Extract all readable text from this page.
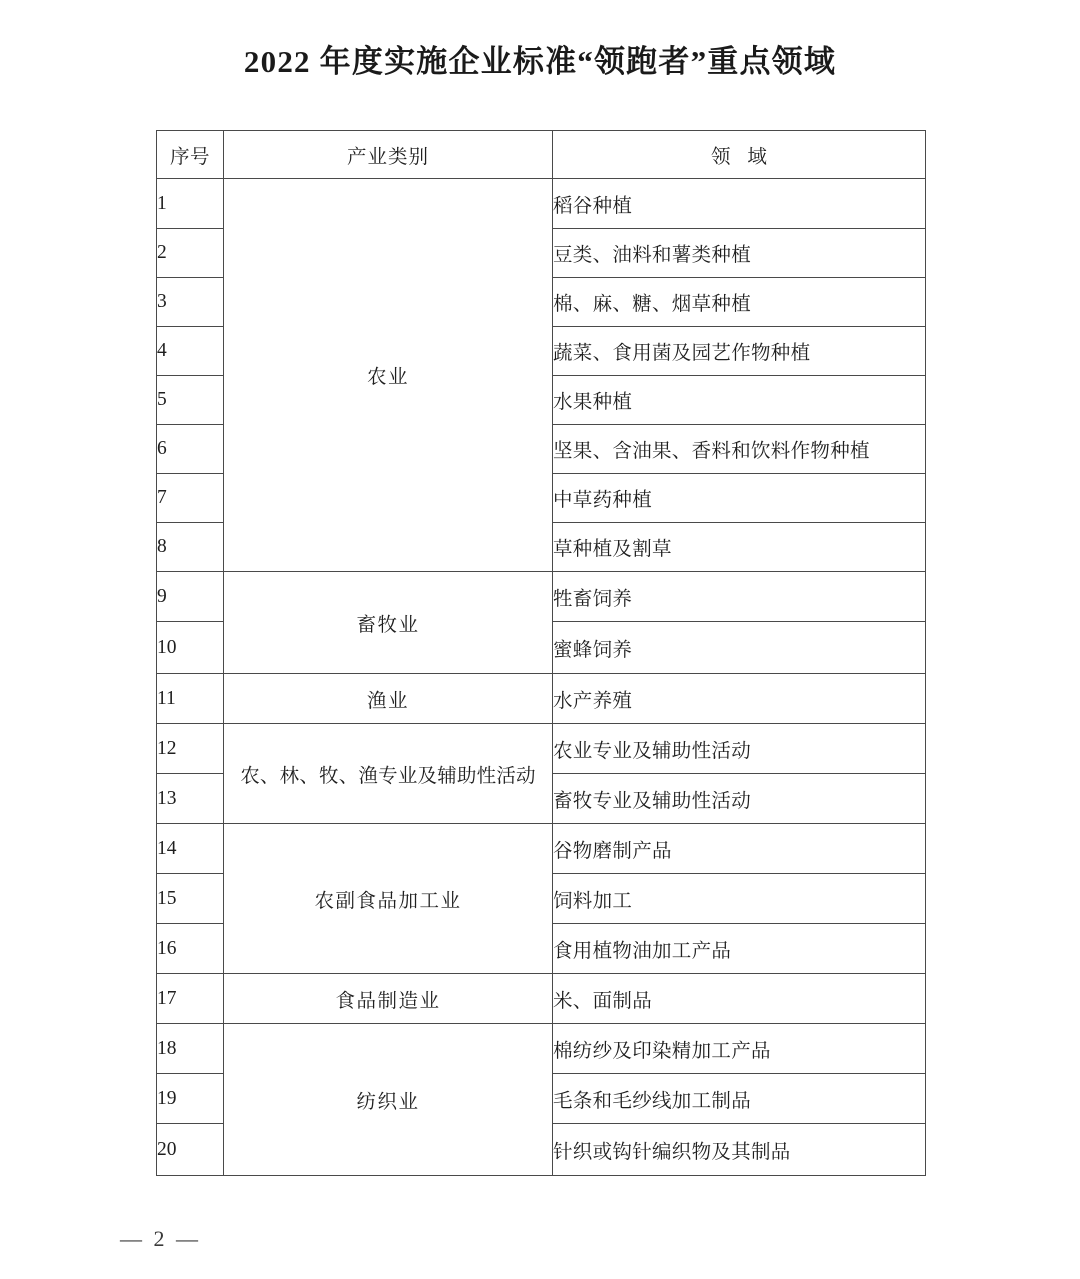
2022 年度实施企业标准“领跑者”重点领域
序号	产业类别	领 域
1	农业	稻谷种植
2		豆类、油料和薯类种植
3		棉、麻、糖、烟草种植
4		蔬菜、食用菌及园艺作物种植
5		水果种植
6		坚果、含油果、香料和饮料作物种植
7		中草药种植
8		草种植及割草
9	畜牧业	牲畜饲养
10		蜜蜂饲养
11	渔业	水产养殖
12	农、林、牧、渔专业及辅助性活动	农业专业及辅助性活动
13		畜牧专业及辅助性活动
14	农副食品加工业	谷物磨制产品
15		饲料加工
16		食用植物油加工产品
17	食品制造业	米、面制品
18	纺织业	棉纺纱及印染精加工产品
19		毛条和毛纱线加工制品
20		针织或钩针编织物及其制品
— 2 —
